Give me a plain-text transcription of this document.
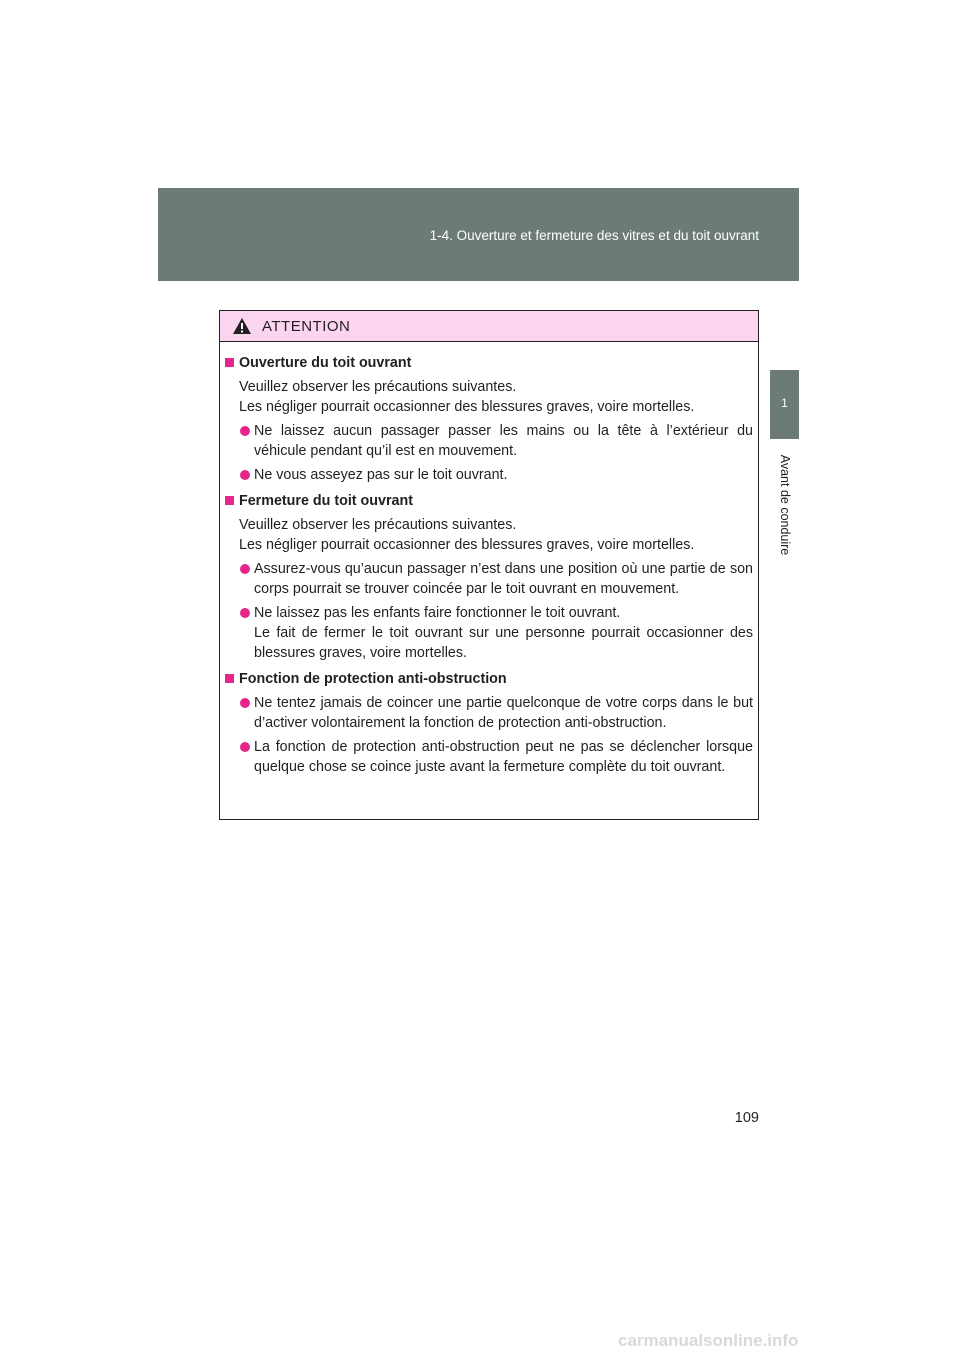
1-4. Ouverture et fermeture des vitres et du toit ouvrant
1
Avant de conduire
ATTENTION
Ouverture du toit ouvrant
Veuillez observer les précautions suivantes.
Les négliger pourrait occasionner des blessures graves, voire mortelles.
Ne laissez aucun passager passer les mains ou la tête à l’extérieur du véhicule pendant qu’il est en mouvement.
Ne vous asseyez pas sur le toit ouvrant.
Fermeture du toit ouvrant
Veuillez observer les précautions suivantes.
Les négliger pourrait occasionner des blessures graves, voire mortelles.
Assurez-vous qu’aucun passager n’est dans une position où une partie de son corps pourrait se trouver coincée par le toit ouvrant en mouvement.
Ne laissez pas les enfants faire fonctionner le toit ouvrant.
Le fait de fermer le toit ouvrant sur une personne pourrait occasionner des blessures graves, voire mortelles.
Fonction de protection anti-obstruction
Ne tentez jamais de coincer une partie quelconque de votre corps dans le but d’activer volontairement la fonction de protection anti-obstruction.
La fonction de protection anti-obstruction peut ne pas se déclencher lorsque quelque chose se coince juste avant la fermeture complète du toit ouvrant.
109
carmanualsonline.info
